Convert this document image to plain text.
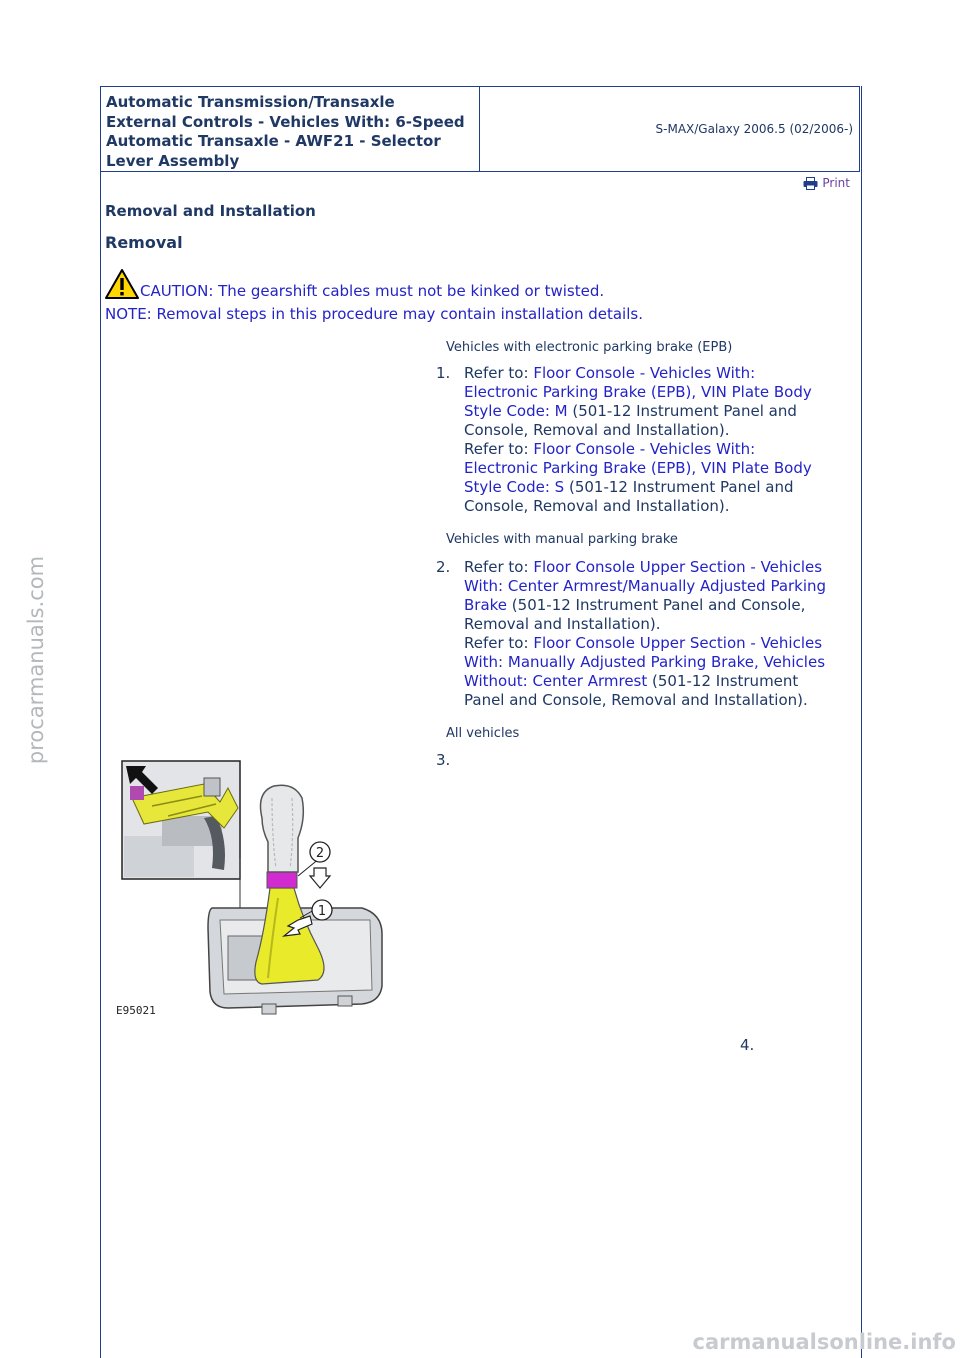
Automatic Transmission/Transaxle
External Controls - Vehicles With: 6-Speed
Automatic Transaxle - AWF21 - Selector
Lever Assembly
S-MAX/Galaxy 2006.5 (02/2006-)
Print
Removal and Installation
Removal
CAUTION: The gearshift cables must not be kinked or twisted.
NOTE: Removal steps in this procedure may contain installation details.
Vehicles with electronic parking brake (EPB)
1. Refer to: Floor Console - Vehicles With:
Electronic Parking Brake (EPB), VIN Plate Body
Style Code: M (501-12 Instrument Panel and
Console, Removal and Installation).
Refer to: Floor Console - Vehicles With:
Electronic Parking Brake (EPB), VIN Plate Body
Style Code: S (501-12 Instrument Panel and
Console, Removal and Installation).
Vehicles with manual parking brake
2. Refer to: Floor Console Upper Section - Vehicles
With: Center Armrest/Manually Adjusted Parking
Brake (501-12 Instrument Panel and Console,
Removal and Installation).
Refer to: Floor Console Upper Section - Vehicles
With: Manually Adjusted Parking Brake, Vehicles
Without: Center Armrest (501-12 Instrument
Panel and Console, Removal and Installation).
All vehicles
3.
4.
2
1
E95021
procarmanuals.com
carmanualsonline.info
